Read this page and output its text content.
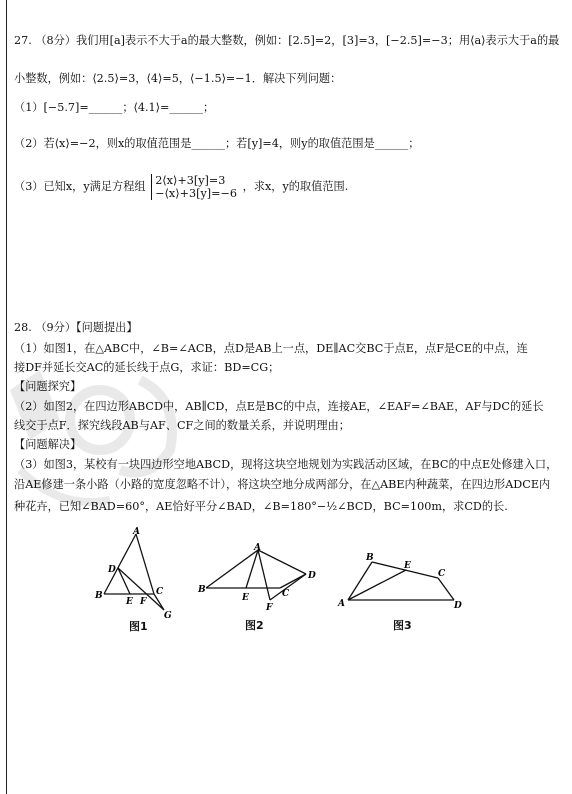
27. （8分）我们用[a]表示不大于a的最大整数，例如：[2.5]=2，[3]=3，[−2.5]=−3；用⟨a⟩表示大于a的最
小整数，例如：⟨2.5⟩=3，⟨4⟩=5，⟨−1.5⟩=−1．解决下列问题：
（1）[−5.7]=______；⟨4.1⟩=______；
（2）若⟨x⟩=−2，则x的取值范围是______；若[y]=4，则y的取值范围是______；
（3）已知x，y满足方程组 2⟨x⟩+3[y]=3
−⟨x⟩+3[y]=−6
，求x，y的取值范围.
28. （9分）【问题提出】
（1）如图1，在△ABC中，∠B=∠ACB，点D是AB上一点，DE∥AC交BC于点E，点F是CE的中点，连
接DF并延长交AC的延长线于点G，求证：BD=CG；
【问题探究】
（2）如图2，在四边形ABCD中，AB∥CD，点E是BC的中点，连接AE，∠EAF=∠BAE，AF与DC的延长
线交于点F．探究线段AB与AF、CF之间的数量关系，并说明理由；
【问题解决】
（3）如图3，某校有一块四边形空地ABCD，现将这块空地规划为实践活动区域，在BC的中点E处修建入口，
沿AE修建一条小路（小路的宽度忽略不计），将这块空地分成两部分，在△ABE内种蔬菜，在四边形ADCE内
种花卉，已知∠BAD=60°，AE恰好平分∠BAD，∠B=180°−½∠BCD，BC=100m，求CD的长.
A
D
B
E F
C
G
图1
A
B
E	C
D
F
图2
B
E
C
A	D
图3
